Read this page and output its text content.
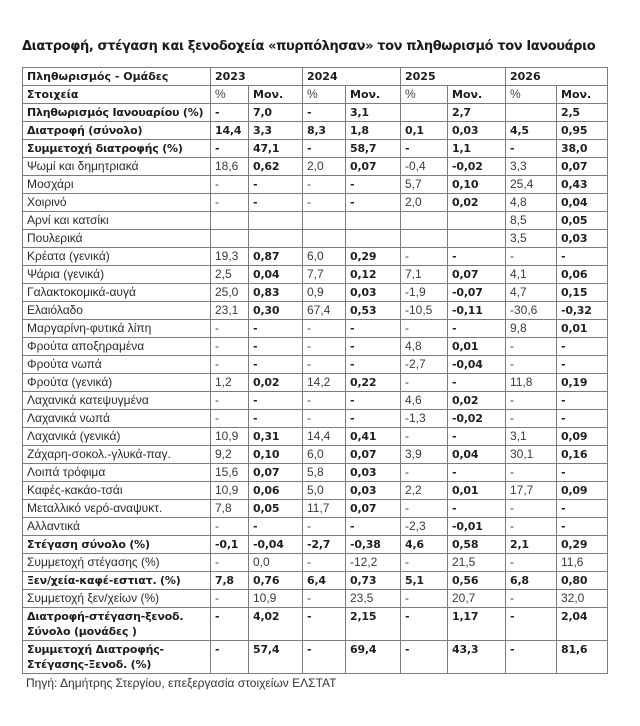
Διατροφή, στέγαση και ξενοδοχεία «πυρπόλησαν» τον πληθωρισμό τον Ιανουάριο
Πληθωρισμός - Ομάδες	2023		2024		2025		2026	
Στοιχεία	%	Μον.	%	Μον.	%	Μον.	%	Μον.
Πληθωρισμός Ιανουαρίου (%)	-	7,0	-	3,1		2,7		2,5
Διατροφή (σύνολο)	14,4	3,3	8,3	1,8	0,1	0,03	4,5	0,95
Συμμετοχή διατροφής (%)	-	47,1	-	58,7	-	1,1	-	38,0
Ψωμί και δημητριακά	18,6	0,62	2,0	0,07	-0,4	-0,02	3,3	0,07
Μοσχάρι	-	-	-	-	5,7	0,10	25,4	0,43
Χοιρινό	-	-	-	-	2,0	0,02	4,8	0,04
Αρνί και κατσίκι							8,5	0,05
Πουλερικά							3,5	0,03
Κρέατα (γενικά)	19,3	0,87	6,0	0,29	-	-	-	-
Ψάρια (γενικά)	2,5	0,04	7,7	0,12	7,1	0,07	4,1	0,06
Γαλακτοκομικά-αυγά	25,0	0,83	0,9	0,03	-1,9	-0,07	4,7	0,15
Ελαιόλαδο	23,1	0,30	67,4	0,53	-10,5	-0,11	-30,6	-0,32
Μαργαρίνη-φυτικά λίπη	-	-	-	-	-	-	9,8	0,01
Φρούτα αποξηραμένα	-	-	-	-	4,8	0,01	-	-
Φρούτα νωπά	-	-	-	-	-2,7	-0,04	-	-
Φρούτα (γενικά)	1,2	0,02	14,2	0,22	-	-	11,8	0,19
Λαχανικά κατεψυγμένα	-	-	-	-	4,6	0,02	-	-
Λαχανικά νωπά	-	-	-	-	-1,3	-0,02	-	-
Λαχανικά (γενικά)	10,9	0,31	14,4	0,41	-	-	3,1	0,09
Ζάχαρη-σοκολ.-γλυκά-παγ.	9,2	0,10	6,0	0,07	3,9	0,04	30,1	0,16
Λοιπά τρόφιμα	15,6	0,07	5,8	0,03	-	-	-	-
Καφές-κακάο-τσάι	10,9	0,06	5,0	0,03	2,2	0,01	17,7	0,09
Μεταλλικό νερό-αναψυκτ.	7,8	0,05	11,7	0,07	-	-	-	-
Αλλαντικά	-	-	-	-	-2,3	-0,01	-	-
Στέγαση σύνολο (%)	-0,1	-0,04	-2,7	-0,38	4,6	0,58	2,1	0,29
Συμμετοχή στέγασης (%)	-	0,0	-	-12,2	-	21,5	-	11,6
Ξεν/χεία-καφέ-εστιατ. (%)	7,8	0,76	6,4	0,73	5,1	0,56	6,8	0,80
Συμμετοχή ξεν/χείων (%)	-	10,9	-	23,5	-	20,7	-	32,0
Διατροφή-στέγαση-ξενοδ. Σύνολο (μονάδες )	-	4,02	-	2,15	-	1,17	-	2,04
Συμμετοχή Διατροφής-Στέγασης-Ξενοδ. (%)	-	57,4	-	69,4	-	43,3	-	81,6
Πηγή: Δημήτρης Στεργίου, επεξεργασία στοιχείων ΕΛΣΤΑΤ
